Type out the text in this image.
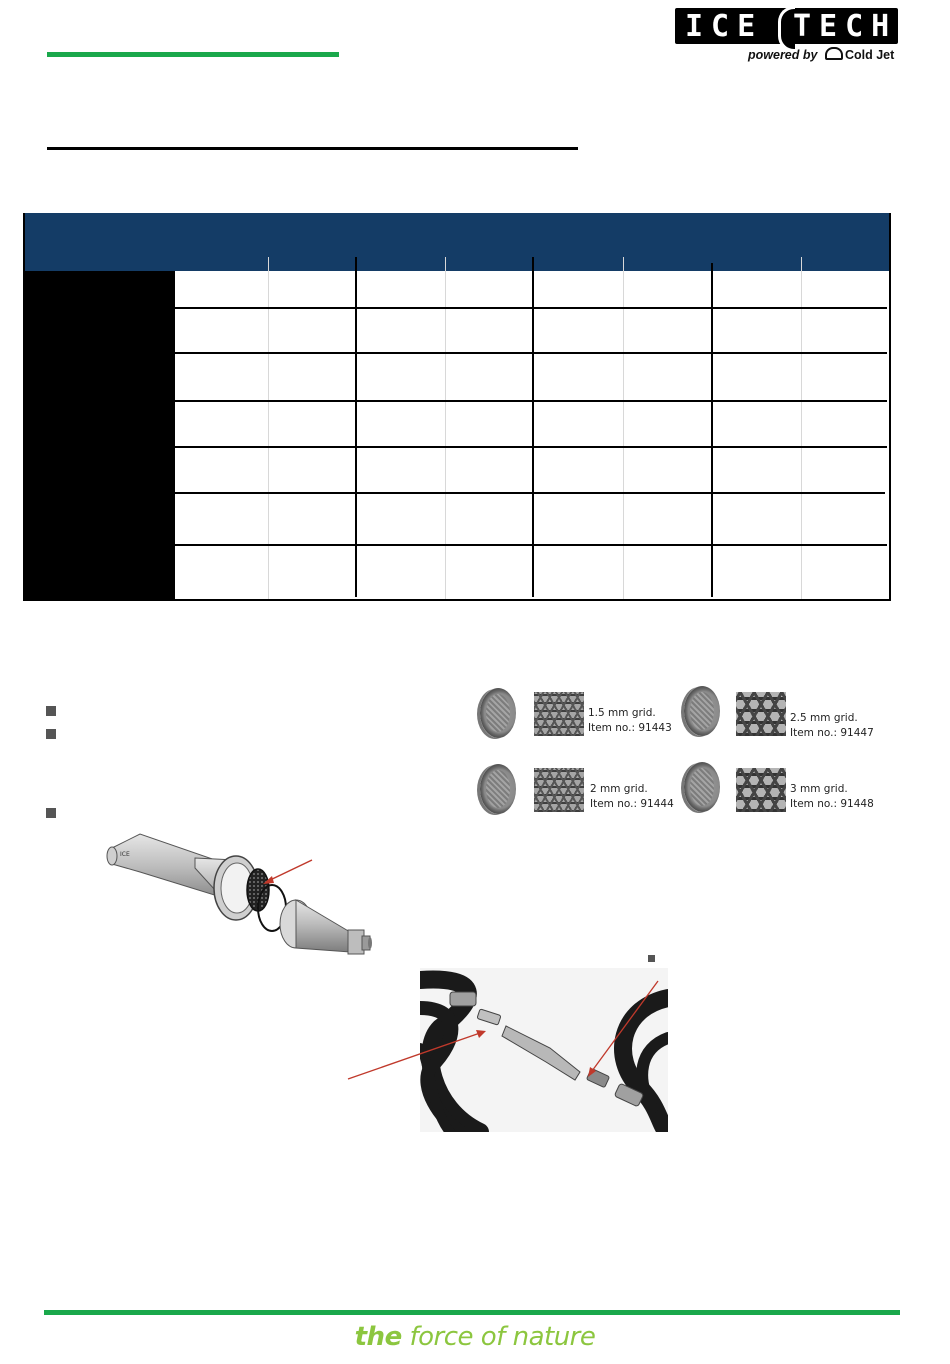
ICE TECH
powered by Cold Jet
1.5 mm grid.
Item no.: 91443
2.5 mm grid.
Item no.: 91447
2 mm grid.
Item no.: 91444
3 mm grid.
Item no.: 91448
ICE
the force of nature
